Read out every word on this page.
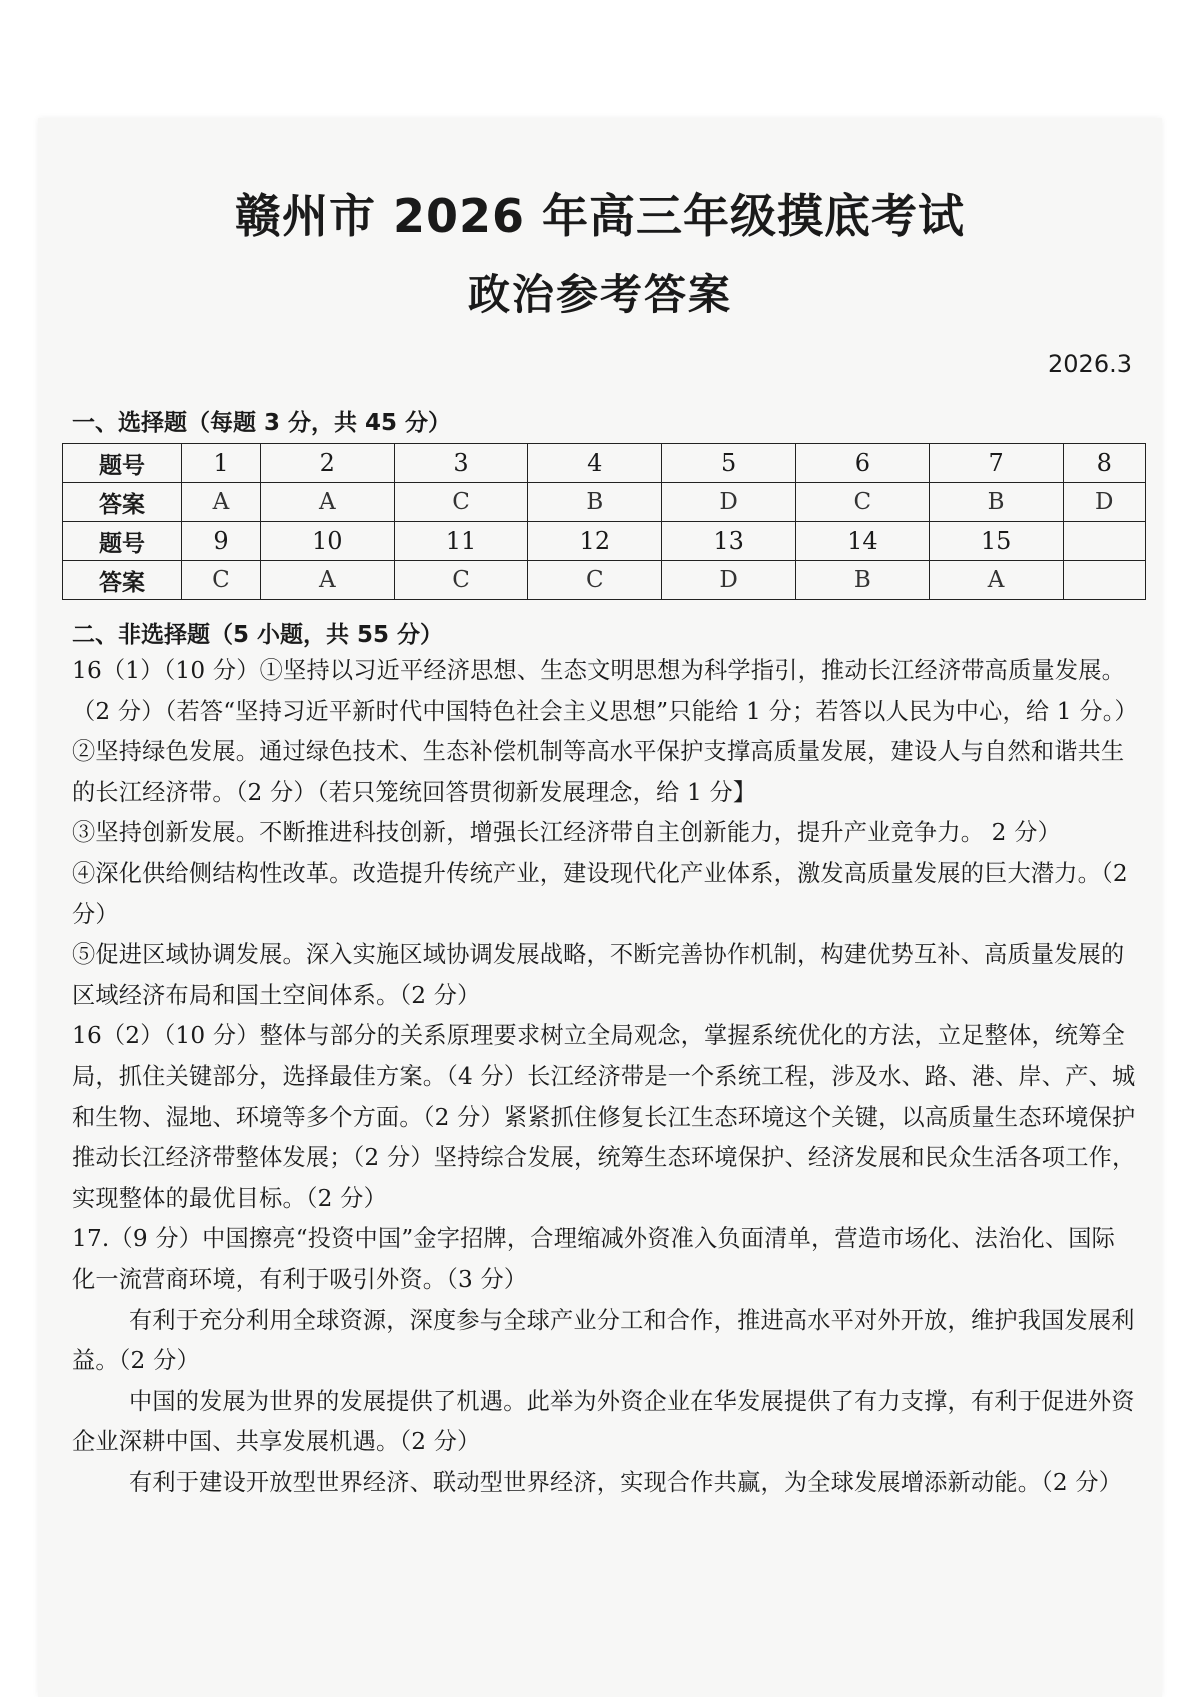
赣州市 2026 年高三年级摸底考试
政治参考答案
2026.3
一、选择题（每题 3 分，共 45 分）
题号	1	2	3	4	5	6	7	8
答案	A	A	C	B	D	C	B	D
题号	9	10	11	12	13	14	15	
答案	C	A	C	C	D	B	A	
二、非选择题（5 小题，共 55 分）

16（1）（10 分）①坚持以习近平经济思想、生态文明思想为科学指引，推动长江经济带高质量发展。（2 分）（若答“坚持习近平新时代中国特色社会主义思想”只能给 1 分；若答以人民为中心，给 1 分。）

②坚持绿色发展。通过绿色技术、生态补偿机制等高水平保护支撑高质量发展，建设人与自然和谐共生的长江经济带。（2 分）（若只笼统回答贯彻新发展理念，给 1 分】

③坚持创新发展。不断推进科技创新，增强长江经济带自主创新能力，提升产业竞争力。 2 分）

④深化供给侧结构性改革。改造提升传统产业，建设现代化产业体系，激发高质量发展的巨大潜力。（2 分）

⑤促进区域协调发展。深入实施区域协调发展战略，不断完善协作机制，构建优势互补、高质量发展的区域经济布局和国土空间体系。（2 分）

16（2）（10 分）整体与部分的关系原理要求树立全局观念，掌握系统优化的方法，立足整体，统筹全局，抓住关键部分，选择最佳方案。（4 分）长江经济带是一个系统工程，涉及水、路、港、岸、产、城和生物、湿地、环境等多个方面。（2 分）紧紧抓住修复长江生态环境这个关键，以高质量生态环境保护推动长江经济带整体发展；（2 分）坚持综合发展，统筹生态环境保护、经济发展和民众生活各项工作，实现整体的最优目标。（2 分）

17.（9 分）中国擦亮“投资中国”金字招牌，合理缩减外资准入负面清单，营造市场化、法治化、国际化一流营商环境，有利于吸引外资。（3 分）

有利于充分利用全球资源，深度参与全球产业分工和合作，推进高水平对外开放，维护我国发展利益。（2 分）

中国的发展为世界的发展提供了机遇。此举为外资企业在华发展提供了有力支撑，有利于促进外资企业深耕中国、共享发展机遇。（2 分）

有利于建设开放型世界经济、联动型世界经济，实现合作共赢，为全球发展增添新动能。（2 分）
